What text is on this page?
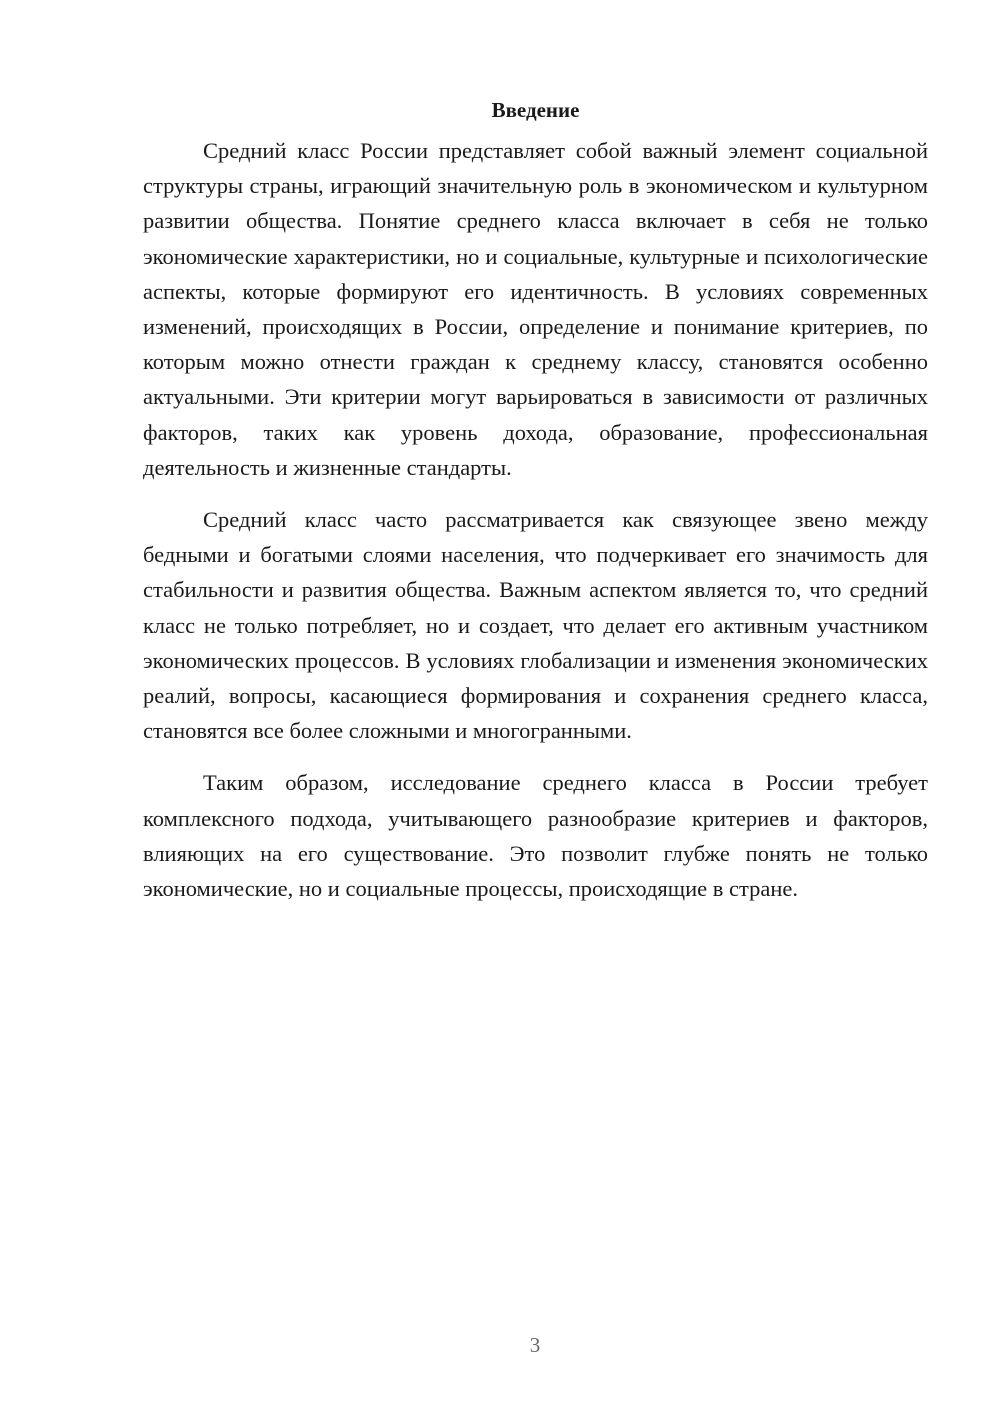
Введение

Средний класс России представляет собой важный элемент социальной структуры страны, играющий значительную роль в экономическом и культурном развитии общества. Понятие среднего класса включает в себя не только экономические характеристики, но и социальные, культурные и психологические аспекты, которые формируют его идентичность. В условиях современных изменений, происходящих в России, определение и понимание критериев, по которым можно отнести граждан к среднему классу, становятся особенно актуальными. Эти критерии могут варьироваться в зависимости от различных факторов, таких как уровень дохода, образование, профессиональная деятельность и жизненные стандарты.

Средний класс часто рассматривается как связующее звено между бедными и богатыми слоями населения, что подчеркивает его значимость для стабильности и развития общества. Важным аспектом является то, что средний класс не только потребляет, но и создает, что делает его активным участником экономических процессов. В условиях глобализации и изменения экономических реалий, вопросы, касающиеся формирования и сохранения среднего класса, становятся все более сложными и многогранными.

Таким образом, исследование среднего класса в России требует комплексного подхода, учитывающего разнообразие критериев и факторов, влияющих на его существование. Это позволит глубже понять не только экономические, но и социальные процессы, происходящие в стране.

3
